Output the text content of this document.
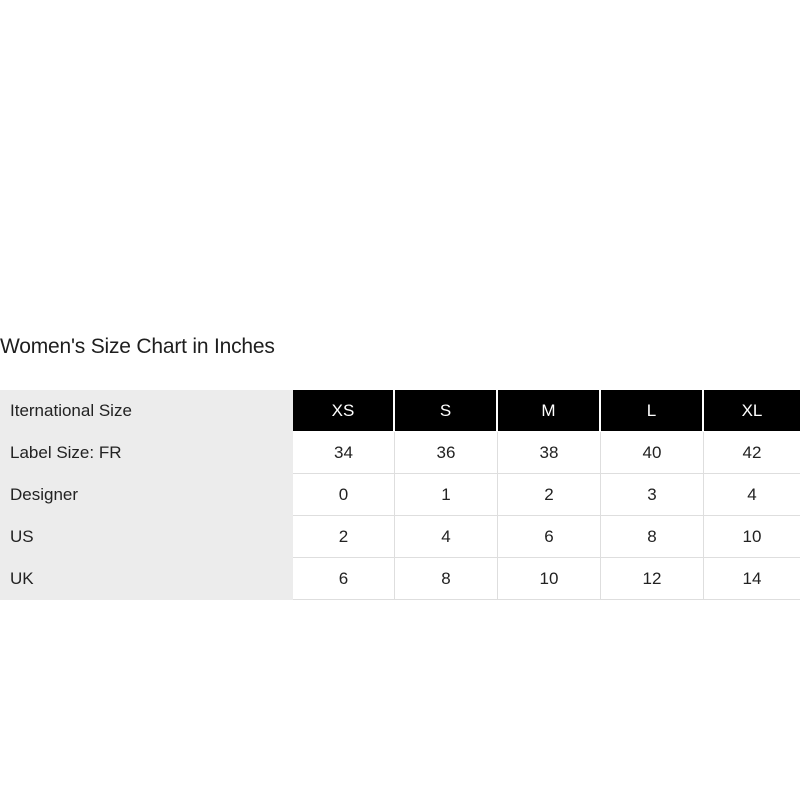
Women's Size Chart in Inches
Iternational Size	XS	S	M	L	XL
Label Size: FR	34	36	38	40	42
Designer	0	1	2	3	4
US	2	4	6	8	10
UK	6	8	10	12	14
